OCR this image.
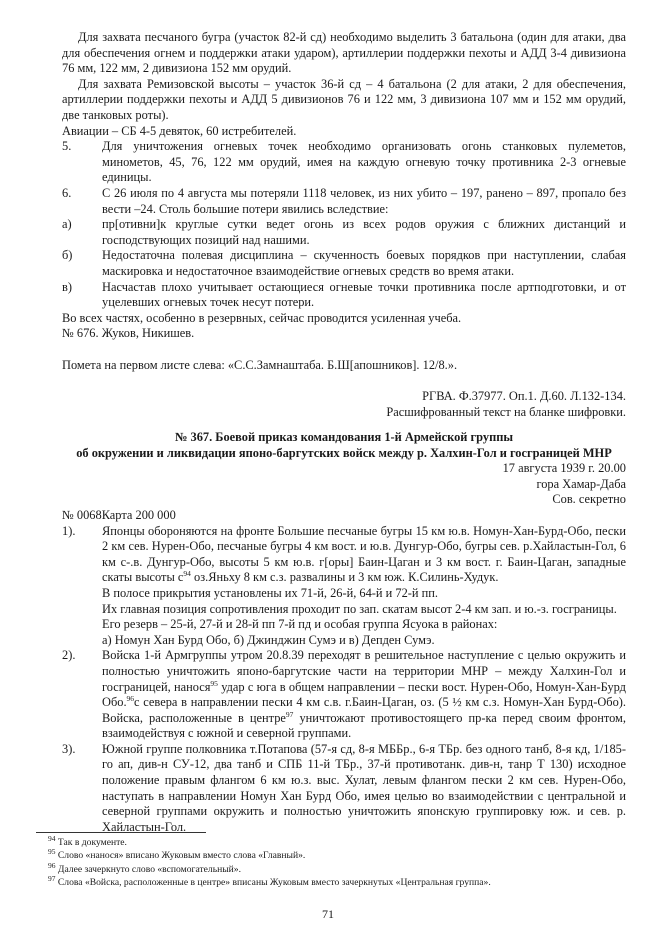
Для захвата песчаного бугра (участок 82-й сд) необходимо выделить 3 батальона (один для атаки, два для обеспечения огнем и поддержки атаки ударом), артиллерии поддержки пехоты и АДД 3-4 дивизиона 76 мм, 122 мм, 2 дивизиона 152 мм орудий.

Для захвата Ремизовской высоты – участок 36-й сд – 4 батальона (2 для атаки, 2 для обеспечения, артиллерии поддержки пехоты и АДД 5 дивизионов 76 и 122 мм, 3 дивизиона 107 мм и 152 мм орудий, две танковых роты).

Авиации – СБ 4-5 девяток, 60 истребителей.

5.	Для уничтожения огневых точек необходимо организовать огонь станковых пулеметов, минометов, 45, 76, 122 мм орудий, имея на каждую огневую точку противника 2-3 огневые единицы.
6.	С 26 июля по 4 августа мы потеряли 1118 человек, из них убито – 197, ранено – 897, пропало без вести –24. Столь большие потери явились вследствие:
а)	пр[отивни]к круглые сутки ведет огонь из всех родов оружия с ближних дистанций и господствующих позиций над нашими.
б)	Недостаточна полевая дисциплина – скученность боевых порядков при наступлении, слабая маскировка и недостаточное взаимодействие огневых средств во время атаки.
в)	Насчастав плохо учитывает остающиеся огневые точки противника после артподготовки, и от уцелевших огневых точек несут потери.

Во всех частях, особенно в резервных, сейчас проводится усиленная учеба.

№ 676. Жуков, Никишев.

Помета на первом листе слева: «С.С.Замнаштаба. Б.Ш[апошников]. 12/8.».

РГВА. Ф.37977. Оп.1. Д.60. Л.132-134.

Расшифрованный текст на бланке шифровки.

№ 367. Боевой приказ командования 1-й Армейской группы

об окружении и ликвидации японо-баргутских войск между р. Халхин-Гол и госграницей МНР

17 августа 1939 г. 20.00

гора Хамар-Даба

Сов. секретно

№ 0068Карта 200 000

1).	Японцы обороняются на фронте Большие песчаные бугры 15 км ю.в. Номун-Хан-Бурд-Обо, пески 2 км сев. Нурен-Обо, песчаные бугры 4 км вост. и ю.в. Дунгур-Обо, бугры сев. р.Хайластын-Гол, 6 км с-.в. Дунгур-Обо, высоты 5 км ю.в. г[оры] Баин-Цаган и 3 км вост. г. Баин-Цаган, западные скаты высоты $с^{94}$ оз.Яньху 8 км с.з. развалины и 3 км юж. К.Силинь-Худук.
В полосе прикрытия установлены их 71-й, 26-й, 64-й и 72-й пп.
Их главная позиция сопротивления проходит по зап. скатам высот 2-4 км зап. и ю.-з. госграницы.
Его резерв – 25-й, 27-й и 28-й пп 7-й пд и особая группа Ясуока в районах:
а) Номун Хан Бурд Обо, б) Джинджин Сумэ и в) Депден Сумэ.
2).	Войска 1-й Армгруппы утром 20.8.39 переходят в решительное наступление с целью окружить и полностью уничтожить японо-баргутские части на территории МНР – между Халхин-Гол и госграницей, нанося$^{95}$ удар с юга в общем направлении – пески вост. Нурен-Обо, Номун-Хан-Бурд Обо.$^{96}$с севера в направлении пески 4 км с.в. г.Баин-Цаган, оз. (5 ½ км с.з. Номун-Хан Бурд-Обо). Войска, расположенные в центре$^{97}$ уничтожают противостоящего пр-ка перед своим фронтом, взаимодействуя с южной и северной группами.
3).	Южной группе полковника т.Потапова (57-я сд, 8-я МББр., 6-я ТБр. без одного танб, 8-я кд, 1/185-го ап, див-н СУ-12, два танб и СПБ 11-й ТБр., 37-й противотанк. див-н, танр Т 130) исходное положение правым флангом 6 км ю.з. выс. Хулат, левым флангом пески 2 км сев. Нурен-Обо, наступать в направлении Номун Хан Бурд Обо, имея целью во взаимодействии с центральной и северной группами окружить и полностью уничтожить японскую группировку юж. и сев. р. Хайластын-Гол.
$^{94}$ Так в документе.
$^{95}$ Слово «нанося» вписано Жуковым вместо слова «Главный».
$^{96}$ Далее зачеркнуто слово «вспомогательный».
$^{97}$ Слова «Войска, расположенные в центре» вписаны Жуковым вместо зачеркнутых «Центральная группа».
71
